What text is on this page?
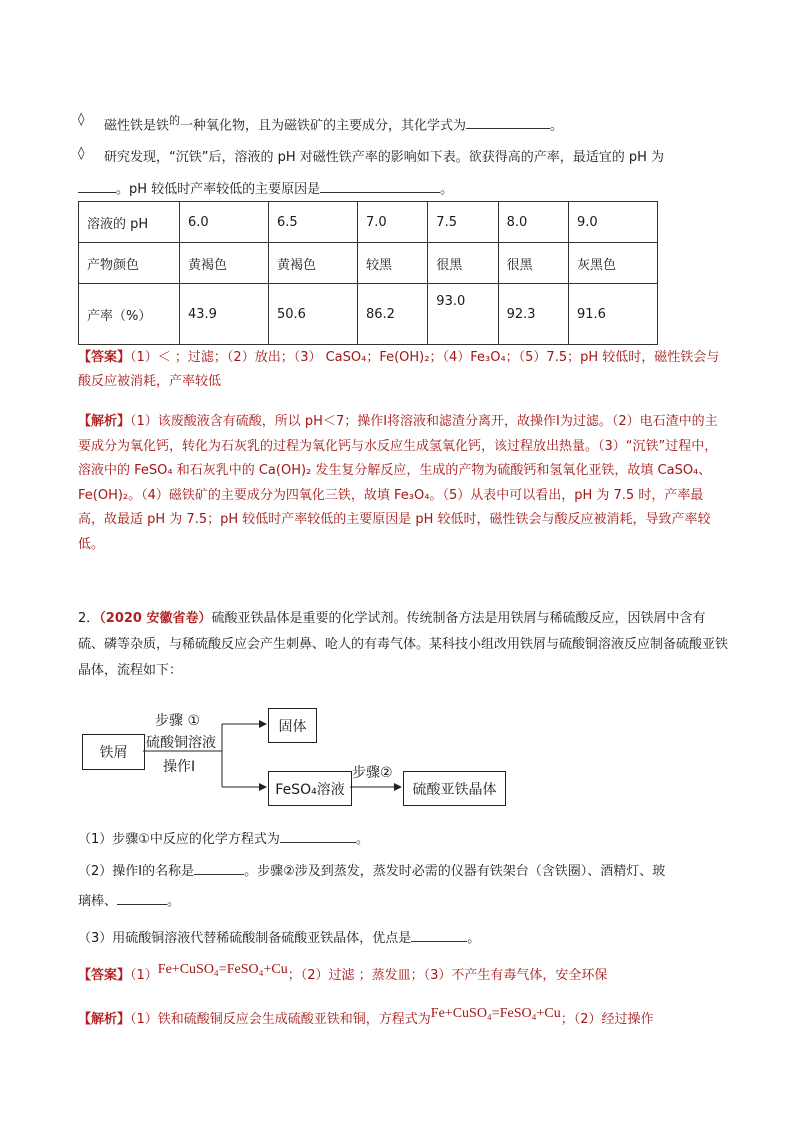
◊ 磁性铁是铁$^的$一种氧化物，且为磁铁矿的主要成分，其化学式为	。
◊ 研究发现，“沉铁”后，溶液的 pH 对磁性铁产率的影响如下表。欲获得高的产率，最适宜的 pH 为
。pH 较低时产率较低的主要原因是	。
溶液的 pH	6.0	6.5	7.0	7.5	8.0	9.0
产物颜色	黄褐色	黄褐色	较黑	很黑	很黑	灰黑色
产率（%）	43.9	50.6	86.2	93.0	92.3	91.6
【答案】（1）＜ ；过滤；（2）放出；（3） CaSO₄；Fe(OH)₂；（4）Fe₃O₄；（5）7.5；pH 较低时，磁性铁会与酸反应被消耗，产率较低
【解析】（1）该废酸液含有硫酸，所以 pH＜7；操作Ⅰ将溶液和滤渣分离开，故操作Ⅰ为过滤。（2）电石渣中的主要成分为氧化钙，转化为石灰乳的过程为氧化钙与水反应生成氢氧化钙，该过程放出热量。（3）“沉铁”过程中，溶液中的 FeSO₄ 和石灰乳中的 Ca(OH)₂ 发生复分解反应，生成的产物为硫酸钙和氢氧化亚铁，故填 CaSO₄、Fe(OH)₂。（4）磁铁矿的主要成分为四氧化三铁，故填 Fe₃O₄。（5）从表中可以看出，pH 为 7.5 时，产率最高，故最适 pH 为 7.5；pH 较低时产率较低的主要原因是 pH 较低时，磁性铁会与酸反应被消耗，导致产率较低。
2．（2020 安徽省卷）硫酸亚铁晶体是重要的化学试剂。传统制备方法是用铁屑与稀硫酸反应，因铁屑中含有硫、磷等杂质，与稀硫酸反应会产生刺鼻、呛人的有毒气体。某科技小组改用铁屑与硫酸铜溶液反应制备硫酸亚铁晶体，流程如下：
铁屑
固体
FeSO₄溶液	硫酸亚铁晶体
步骤 ①
硫酸铜溶液
操作Ⅰ	步骤②
（1）步骤①中反应的化学方程式为	。
（2）操作Ⅰ的名称是	。步骤②涉及到蒸发，蒸发时必需的仪器有铁架台（含铁圈）、酒精灯、玻
璃棒、	。
（3）用硫酸铜溶液代替稀硫酸制备硫酸亚铁晶体，优点是	。
【答案】（1）Fe+CuSO₄=FeSO₄+Cu；（2）过滤 ；蒸发皿；（3）不产生有毒气体，安全环保
【解析】（1）铁和硫酸铜反应会生成硫酸亚铁和铜，方程式为Fe+CuSO₄=FeSO₄+Cu；（2）经过操作
